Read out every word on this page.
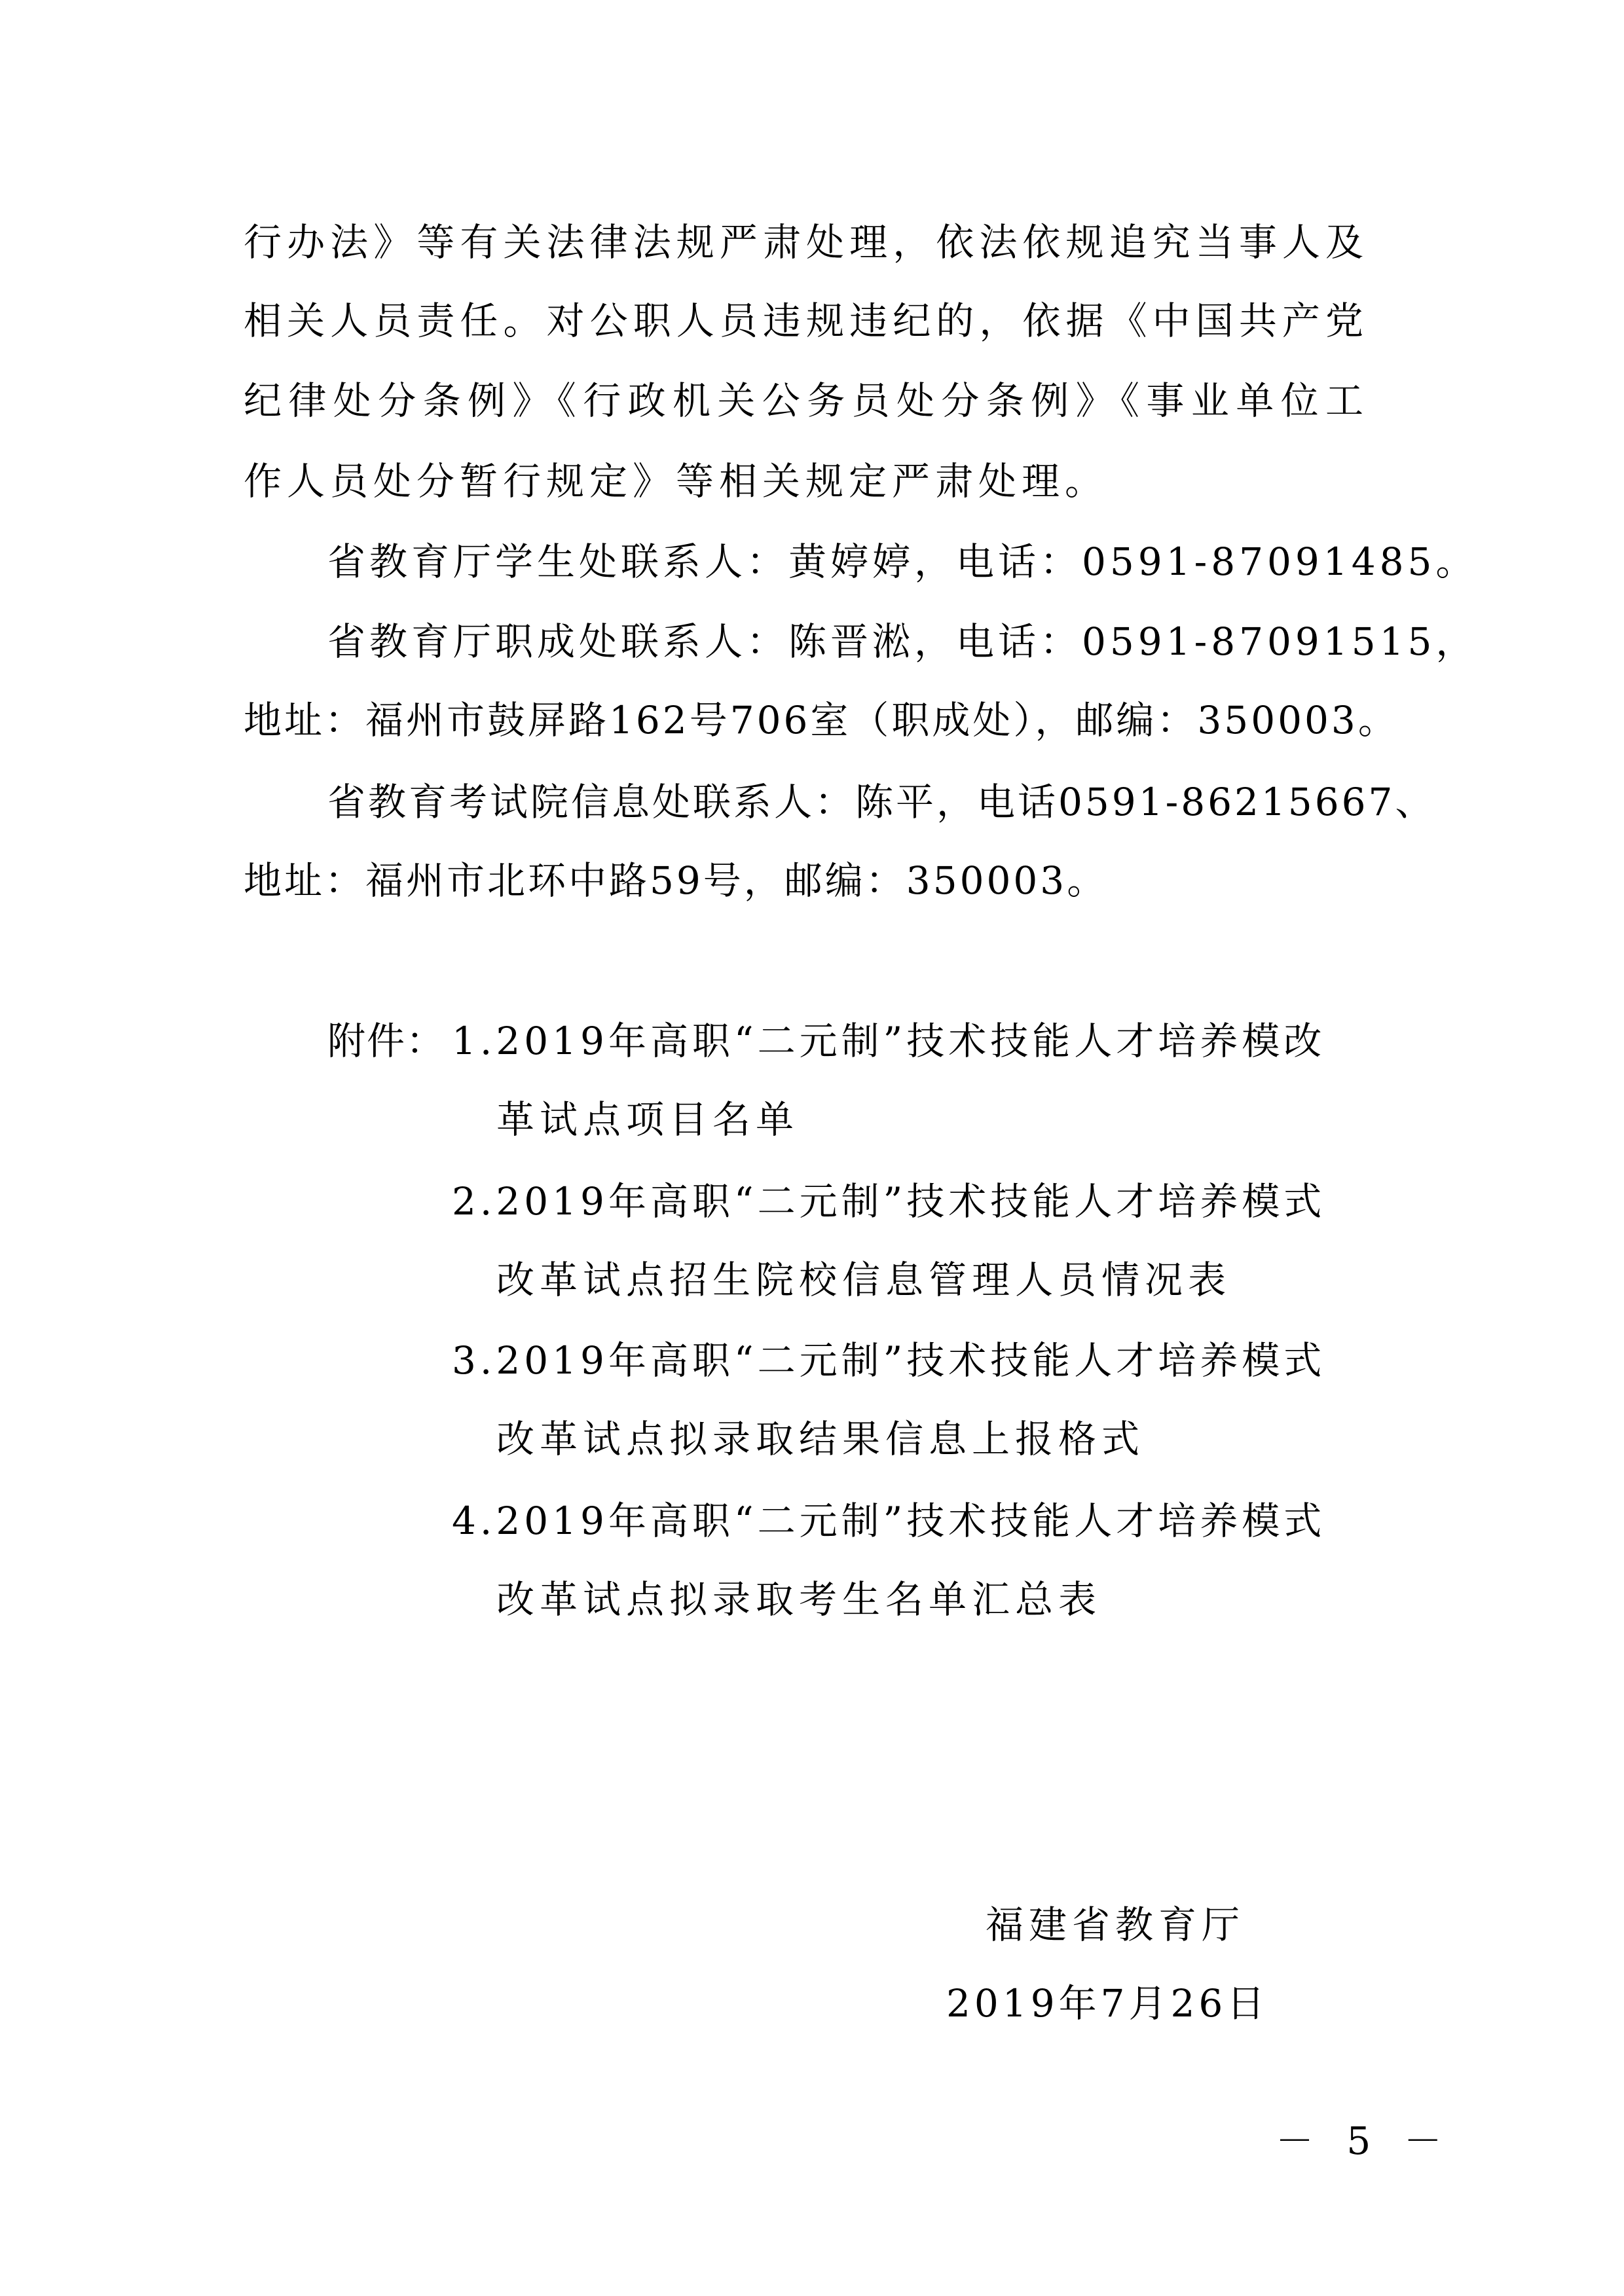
行办法》等有关法律法规严肃处理，依法依规追究当事人及
相关人员责任。对公职人员违规违纪的，依据《中国共产党
纪律处分条例》《行政机关公务员处分条例》《事业单位工
作人员处分暂行规定》等相关规定严肃处理。
省教育厅学生处联系人：黄婷婷，电话：0591-87091485。
省教育厅职成处联系人：陈晋淞，电话：0591-87091515，
地址：福州市鼓屏路162号706室（职成处），邮编：350003。
省教育考试院信息处联系人：陈平，电话0591-86215667、
地址：福州市北环中路59号，邮编：350003。
附件： 1.2019年高职“二元制”技术技能人才培养模改
革试点项目名单
2.2019年高职“二元制”技术技能人才培养模式
改革试点招生院校信息管理人员情况表
3.2019年高职“二元制”技术技能人才培养模式
改革试点拟录取结果信息上报格式
4.2019年高职“二元制”技术技能人才培养模式
改革试点拟录取考生名单汇总表
福建省教育厅
2019年7月26日
－ 5 －
